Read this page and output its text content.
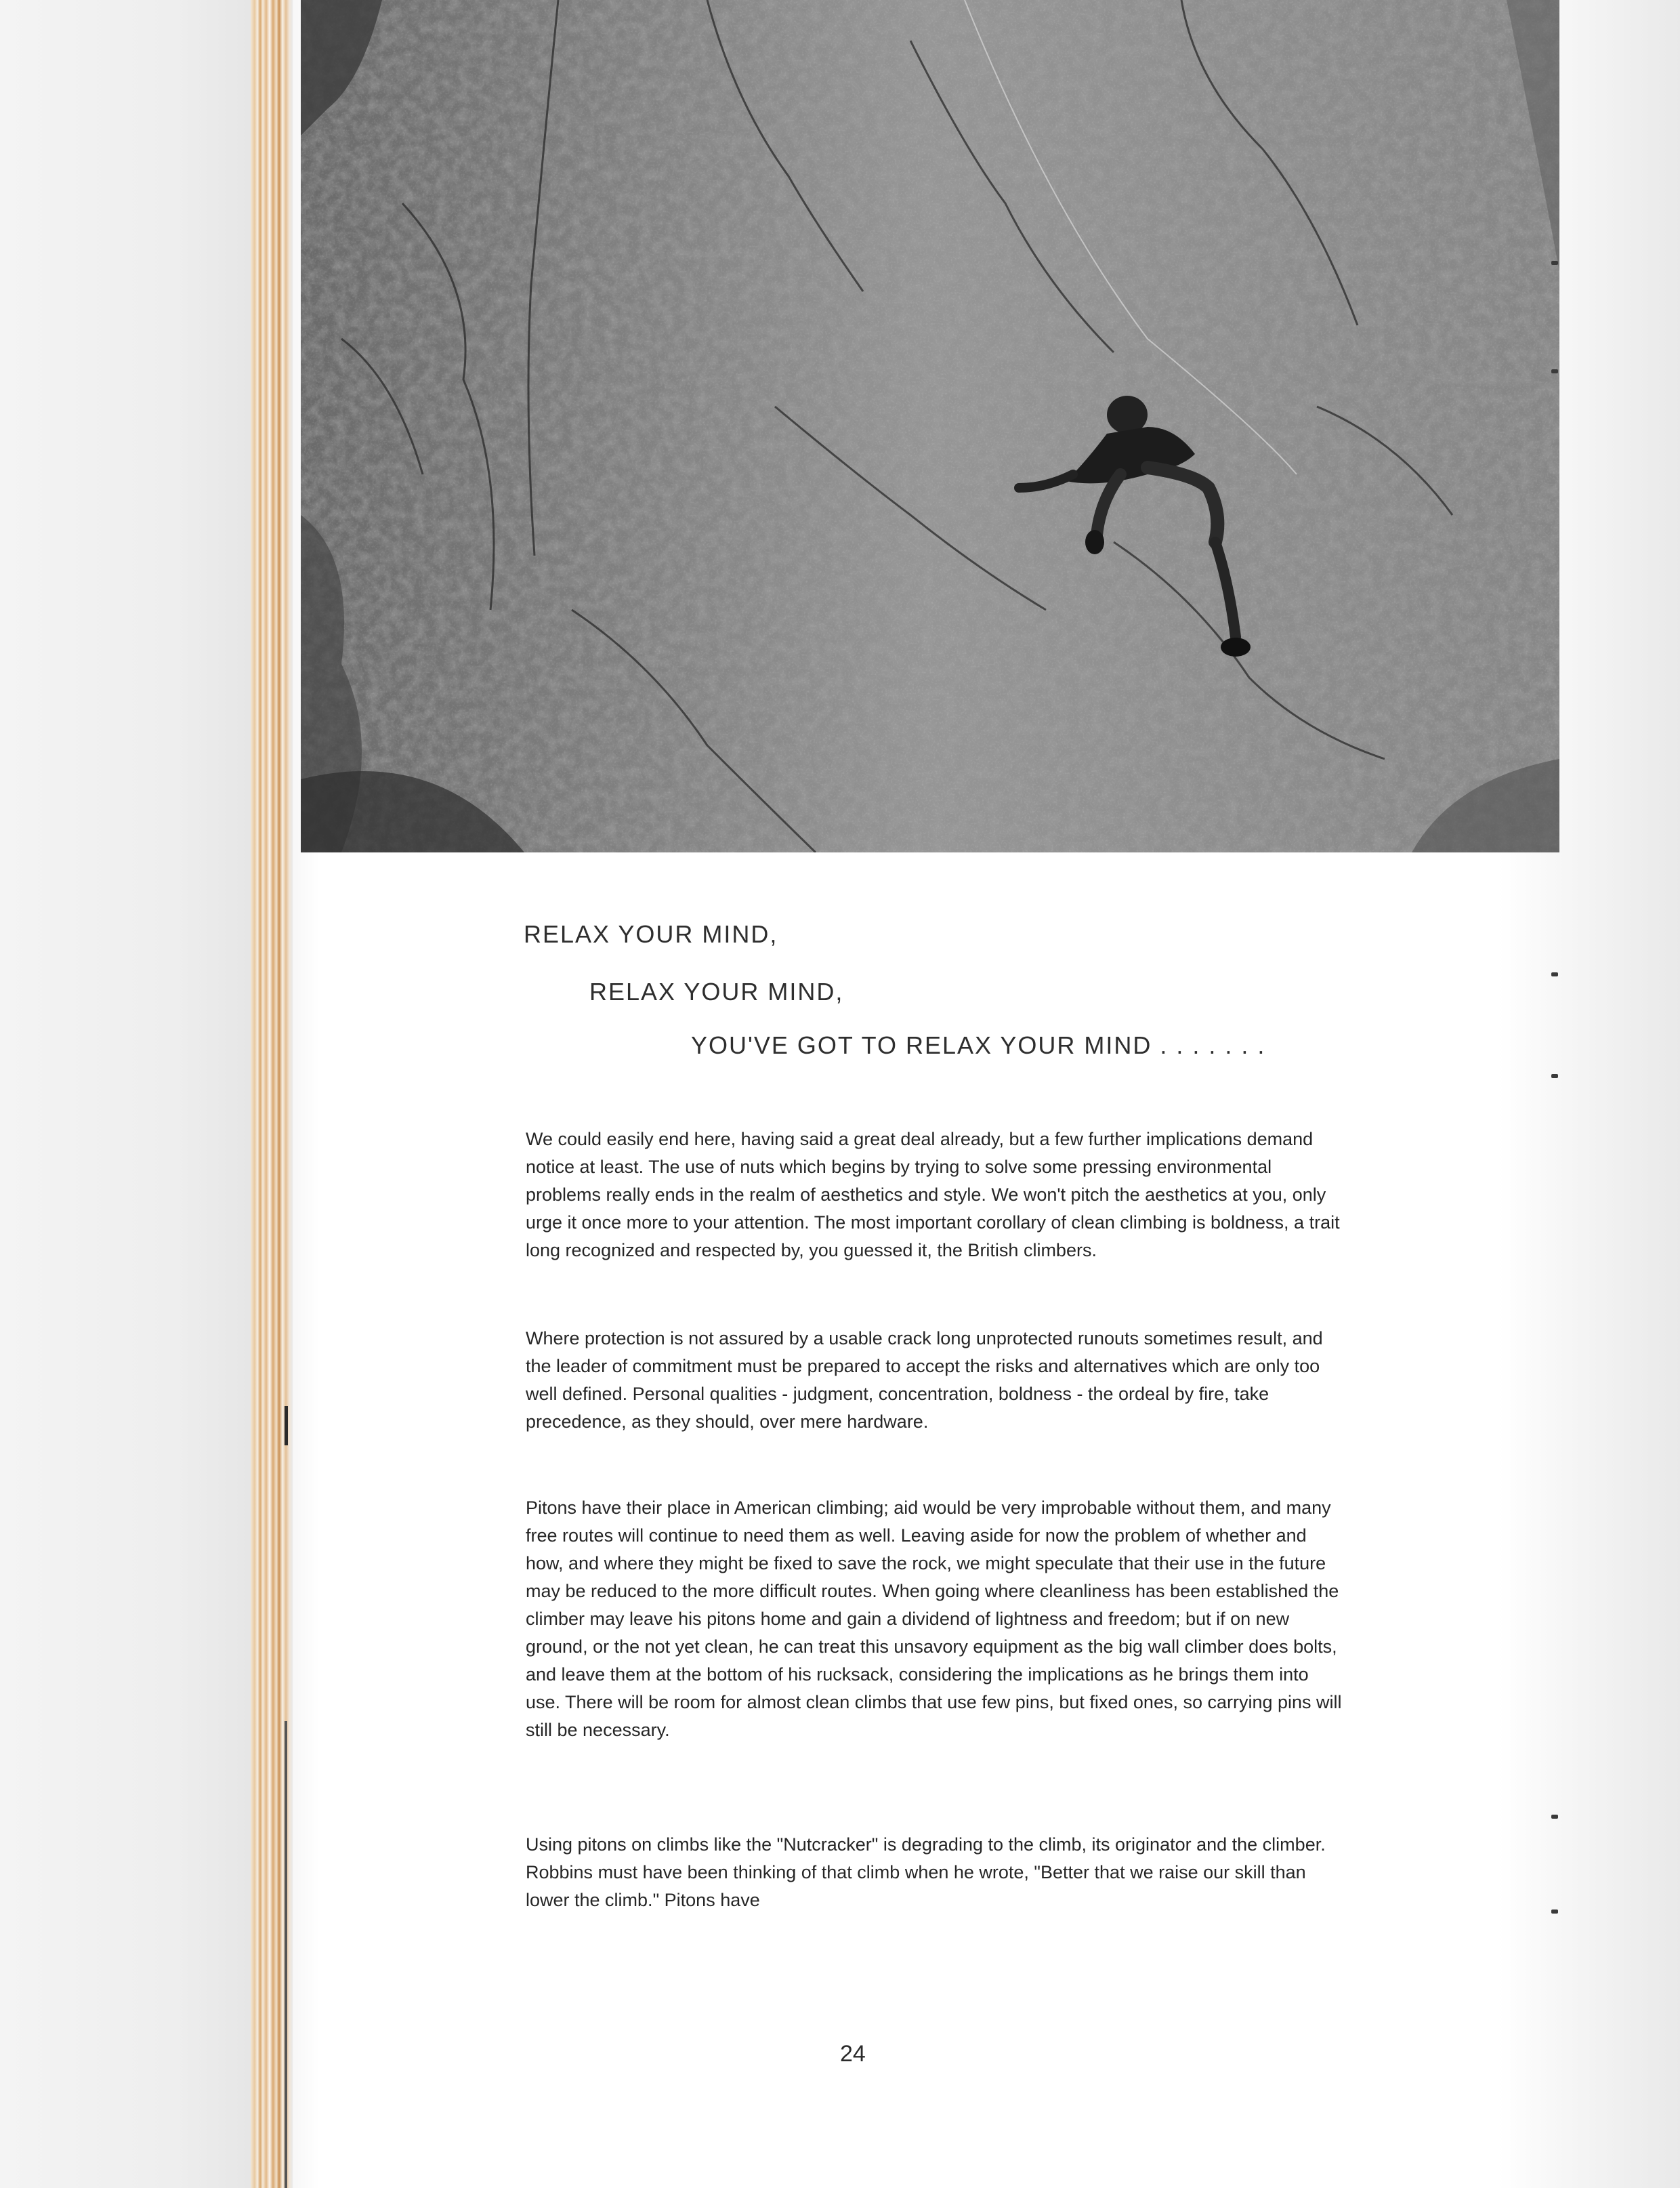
RELAX YOUR MIND,
RELAX YOUR MIND,
YOU'VE GOT TO RELAX YOUR MIND . . . . . . .

We could easily end here, having said a great deal already, but a few further implications demand notice at least. The use of nuts which begins by trying to solve some pressing environmental problems really ends in the realm of aesthetics and style. We won't pitch the aesthetics at you, only urge it once more to your attention. The most important corollary of clean climbing is boldness, a trait long recognized and respected by, you guessed it, the British climbers.

Where protection is not assured by a usable crack long unprotected runouts sometimes result, and the leader of commitment must be prepared to accept the risks and alternatives which are only too well defined. Personal qualities - judgment, concentration, boldness - the ordeal by fire, take precedence, as they should, over mere hardware.

Pitons have their place in American climbing; aid would be very improbable without them, and many free routes will continue to need them as well. Leaving aside for now the problem of whether and how, and where they might be fixed to save the rock, we might speculate that their use in the future may be reduced to the more difficult routes. When going where cleanliness has been established the climber may leave his pitons home and gain a dividend of lightness and freedom; but if on new ground, or the not yet clean, he can treat this unsavory equipment as the big wall climber does bolts, and leave them at the bottom of his rucksack, considering the implications as he brings them into use. There will be room for almost clean climbs that use few pins, but fixed ones, so carrying pins will still be necessary.

Using pitons on climbs like the "Nutcracker" is degrading to the climb, its originator and the climber. Robbins must have been thinking of that climb when he wrote, "Better that we raise our skill than lower the climb." Pitons have

24
